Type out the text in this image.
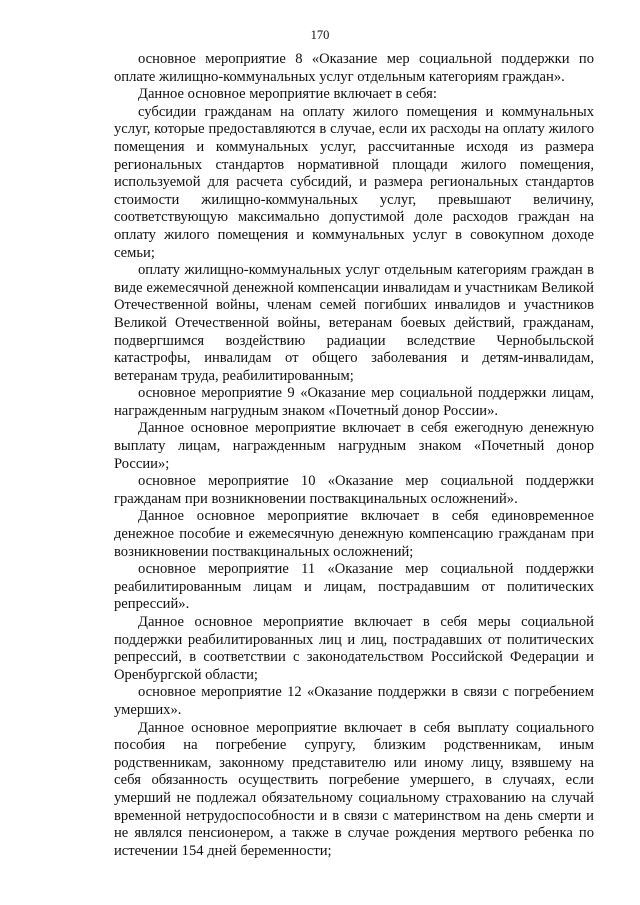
170

основное мероприятие 8 «Оказание мер социальной поддержки по оплате жилищно-коммунальных услуг отдельным категориям граждан».

Данное основное мероприятие включает в себя:

субсидии гражданам на оплату жилого помещения и коммунальных услуг, которые предоставляются в случае, если их расходы на оплату жилого помещения и коммунальных услуг, рассчитанные исходя из размера региональных стандартов нормативной площади жилого помещения, используемой для расчета субсидий, и размера региональных стандартов стоимости жилищно-коммунальных услуг, превышают величину, соответствующую максимально допустимой доле расходов граждан на оплату жилого помещения и коммунальных услуг в совокупном доходе семьи;

оплату жилищно-коммунальных услуг отдельным категориям граждан в виде ежемесячной денежной компенсации инвалидам и участникам Великой Отечественной войны, членам семей погибших инвалидов и участников Великой Отечественной войны, ветеранам боевых действий, гражданам, подвергшимся воздействию радиации вследствие Чернобыльской катастрофы, инвалидам от общего заболевания и детям-инвалидам, ветеранам труда, реабилитированным;

основное мероприятие 9 «Оказание мер социальной поддержки лицам, награжденным нагрудным знаком «Почетный донор России».

Данное основное мероприятие включает в себя ежегодную денежную выплату лицам, награжденным нагрудным знаком «Почетный донор России»;

основное мероприятие 10 «Оказание мер социальной поддержки гражданам при возникновении поствакцинальных осложнений».

Данное основное мероприятие включает в себя единовременное денежное пособие и ежемесячную денежную компенсацию гражданам при возникновении поствакцинальных осложнений;

основное мероприятие 11 «Оказание мер социальной поддержки реабилитированным лицам и лицам, пострадавшим от политических репрессий».

Данное основное мероприятие включает в себя меры социальной поддержки реабилитированных лиц и лиц, пострадавших от политических репрессий, в соответствии с законодательством Российской Федерации и Оренбургской области;

основное мероприятие 12 «Оказание поддержки в связи с погребением умерших».

Данное основное мероприятие включает в себя выплату социального пособия на погребение супругу, близким родственникам, иным родственникам, законному представителю или иному лицу, взявшему на себя обязанность осуществить погребение умершего, в случаях, если умерший не подлежал обязательному социальному страхованию на случай временной нетрудоспособности и в связи с материнством на день смерти и не являлся пенсионером, а также в случае рождения мертвого ребенка по истечении 154 дней беременности;
